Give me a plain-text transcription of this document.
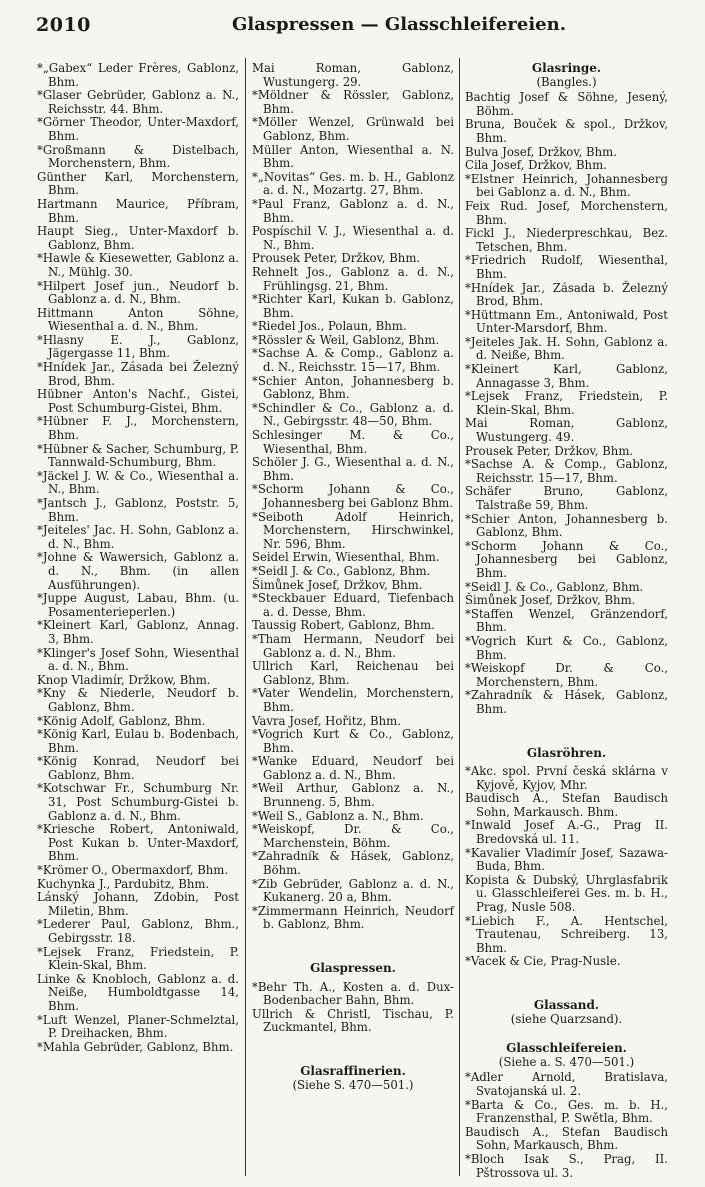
2010	Glaspressen — Glasschleifereien.

*„Gabex“ Leder Frères, Gablonz, Bhm.

*Glaser Gebrüder, Gablonz a. N., Reichsstr. 44. Bhm.

*Görner Theodor, Unter-Maxdorf, Bhm.

*Großmann & Distelbach, Morchenstern, Bhm.

Günther Karl, Morchenstern, Bhm.

Hartmann Maurice, Příbram, Bhm.

Haupt Sieg., Unter-Maxdorf b. Gablonz, Bhm.

*Hawle & Kiesewetter, Gablonz a. N., Mühlg. 30.

*Hilpert Josef jun., Neudorf b. Gablonz a. d. N., Bhm.

Hittmann Anton Söhne, Wiesenthal a. d. N., Bhm.

*Hlasny E. J., Gablonz, Jägergasse 11, Bhm.

*Hnídek Jar., Zásada bei Železný Brod, Bhm.

Hübner Anton's Nachf., Gistei, Post Schumburg-Gistei, Bhm.

*Hübner F. J., Morchenstern, Bhm.

*Hübner & Sacher, Schumburg, P. Tannwald-Schumburg, Bhm.

*Jäckel J. W. & Co., Wiesenthal a. N., Bhm.

*Jantsch J., Gablonz, Poststr. 5, Bhm.

*Jeiteles' Jac. H. Sohn, Gablonz a. d. N., Bhm.

*Johne & Wawersich, Gablonz a. d. N., Bhm. (in allen Ausführungen).

*Juppe August, Labau, Bhm. (u. Posamenterieperlen.)

*Kleinert Karl, Gablonz, Annag. 3, Bhm.

*Klinger's Josef Sohn, Wiesenthal a. d. N., Bhm.

Knop Vladimír, Držkow, Bhm.

*Kny & Niederle, Neudorf b. Gablonz, Bhm.

*König Adolf, Gablonz, Bhm.

*König Karl, Eulau b. Bodenbach, Bhm.

*König Konrad, Neudorf bei Gablonz, Bhm.

*Kotschwar Fr., Schumburg Nr. 31, Post Schumburg-Gistei b. Gablonz a. d. N., Bhm.

*Kriesche Robert, Antoniwald, Post Kukan b. Unter-Maxdorf, Bhm.

*Krömer O., Obermaxdorf, Bhm.

Kuchynka J., Pardubitz, Bhm.

Lánský Johann, Zdobin, Post Miletin, Bhm.

*Lederer Paul, Gablonz, Bhm., Gebirgsstr. 18.

*Lejsek Franz, Friedstein, P. Klein-Skal, Bhm.

Linke & Knobloch, Gablonz a. d. Neiße, Humboldtgasse 14, Bhm.

*Luft Wenzel, Planer-Schmelztal, P. Dreihacken, Bhm.

*Mahla Gebrüder, Gablonz, Bhm.

Mai Roman, Gablonz, Wustungerg. 29.

*Möldner & Rössler, Gablonz, Bhm.

*Möller Wenzel, Grünwald bei Gablonz, Bhm.

Müller Anton, Wiesenthal a. N. Bhm.

*„Novitas“ Ges. m. b. H., Gablonz a. d. N., Mozartg. 27, Bhm.

*Paul Franz, Gablonz a. d. N., Bhm.

Pospíschil V. J., Wiesenthal a. d. N., Bhm.

Prousek Peter, Držkov, Bhm.

Rehnelt Jos., Gablonz a. d. N., Frühlingsg. 21, Bhm.

*Richter Karl, Kukan b. Gablonz, Bhm.

*Riedel Jos., Polaun, Bhm.

*Rössler & Weil, Gablonz, Bhm.

*Sachse A. & Comp., Gablonz a. d. N., Reichsstr. 15—17, Bhm.

*Schier Anton, Johannesberg b. Gablonz, Bhm.

*Schindler & Co., Gablonz a. d. N., Gebirgsstr. 48—50, Bhm.

Schlesinger M. & Co., Wiesenthal, Bhm.

Schöler J. G., Wiesenthal a. d. N., Bhm.

*Schorm Johann & Co., Johannesberg bei Gablonz Bhm.

*Seiboth Adolf Heinrich, Morchenstern, Hirschwinkel, Nr. 596, Bhm.

Seidel Erwin, Wiesenthal, Bhm.

*Seidl J. & Co., Gablonz, Bhm.

Šimůnek Josef, Držkov, Bhm.

*Steckbauer Eduard, Tiefenbach a. d. Desse, Bhm.

Taussig Robert, Gablonz, Bhm.

*Tham Hermann, Neudorf bei Gablonz a. d. N., Bhm.

Ullrich Karl, Reichenau bei Gablonz, Bhm.

*Vater Wendelin, Morchenstern, Bhm.

Vavra Josef, Hořitz, Bhm.

*Vogrich Kurt & Co., Gablonz, Bhm.

*Wanke Eduard, Neudorf bei Gablonz a. d. N., Bhm.

*Weil Arthur, Gablonz a. N., Brunneng. 5, Bhm.

*Weil S., Gablonz a. N., Bhm.

*Weiskopf, Dr. & Co., Marchenstein, Böhm.

*Zahradník & Hásek, Gablonz, Böhm.

*Zib Gebrüder, Gablonz a. d. N., Kukanerg. 20 a, Bhm.

*Zimmermann Heinrich, Neudorf b. Gablonz, Bhm.

Glaspressen.

*Behr Th. A., Kosten a. d. Dux-Bodenbacher Bahn, Bhm.

Ullrich & Christl, Tischau, P. Zuckmantel, Bhm.

Glasraffinerien.

(Siehe S. 470—501.)

Glasringe.

(Bangles.)

Bachtig Josef & Söhne, Jesený, Böhm.

Bruna, Bouček & spol., Držkov, Bhm.

Bulva Josef, Držkov, Bhm.

Cila Josef, Držkov, Bhm.

*Elstner Heinrich, Johannesberg bei Gablonz a. d. N., Bhm.

Feix Rud. Josef, Morchenstern, Bhm.

Fickl J., Niederpreschkau, Bez. Tetschen, Bhm.

*Friedrich Rudolf, Wiesenthal, Bhm.

*Hnídek Jar., Zásada b. Železný Brod, Bhm.

*Hüttmann Em., Antoniwald, Post Unter-Marsdorf, Bhm.

*Jeiteles Jak. H. Sohn, Gablonz a. d. Neiße, Bhm.

*Kleinert Karl, Gablonz, Annagasse 3, Bhm.

*Lejsek Franz, Friedstein, P. Klein-Skal, Bhm.

Mai Roman, Gablonz, Wustungerg. 49.

Prousek Peter, Držkov, Bhm.

*Sachse A. & Comp., Gablonz, Reichsstr. 15—17, Bhm.

Schäfer Bruno, Gablonz, Talstraße 59, Bhm.

*Schier Anton, Johannesberg b. Gablonz, Bhm.

*Schorm Johann & Co., Johannesberg bei Gablonz, Bhm.

*Seidl J. & Co., Gablonz, Bhm.

Šimůnek Josef, Držkov, Bhm.

*Staffen Wenzel, Gränzendorf, Bhm.

*Vogrich Kurt & Co., Gablonz, Bhm.

*Weiskopf Dr. & Co., Morchenstern, Bhm.

*Zahradník & Hásek, Gablonz, Bhm.

Glasröhren.

*Akc. spol. První česká sklárna v Kyjově, Kyjov, Mhr.

Baudisch A., Stefan Baudisch Sohn, Markausch. Bhm.

*Inwald Josef A.-G., Prag II. Bredovská ul. 11.

*Kavalier Vladimír Josef, Sazawa-Buda, Bhm.

Kopista & Dubský, Uhrglasfabrik u. Glasschleiferei Ges. m. b. H., Prag, Nusle 508.

*Liebich F., A. Hentschel, Trautenau, Schreiberg. 13, Bhm.

*Vacek & Cie, Prag-Nusle.

Glassand.

(siehe Quarzsand).

Glasschleifereien.

(Siehe a. S. 470—501.)

*Adler Arnold, Bratislava, Svatojanská ul. 2.

*Barta & Co., Ges. m. b. H., Franzensthal, P. Swětla, Bhm.

Baudisch A., Stefan Baudisch Sohn, Markausch, Bhm.

*Bloch Isak S., Prag, II. Pštrossova ul. 3.
